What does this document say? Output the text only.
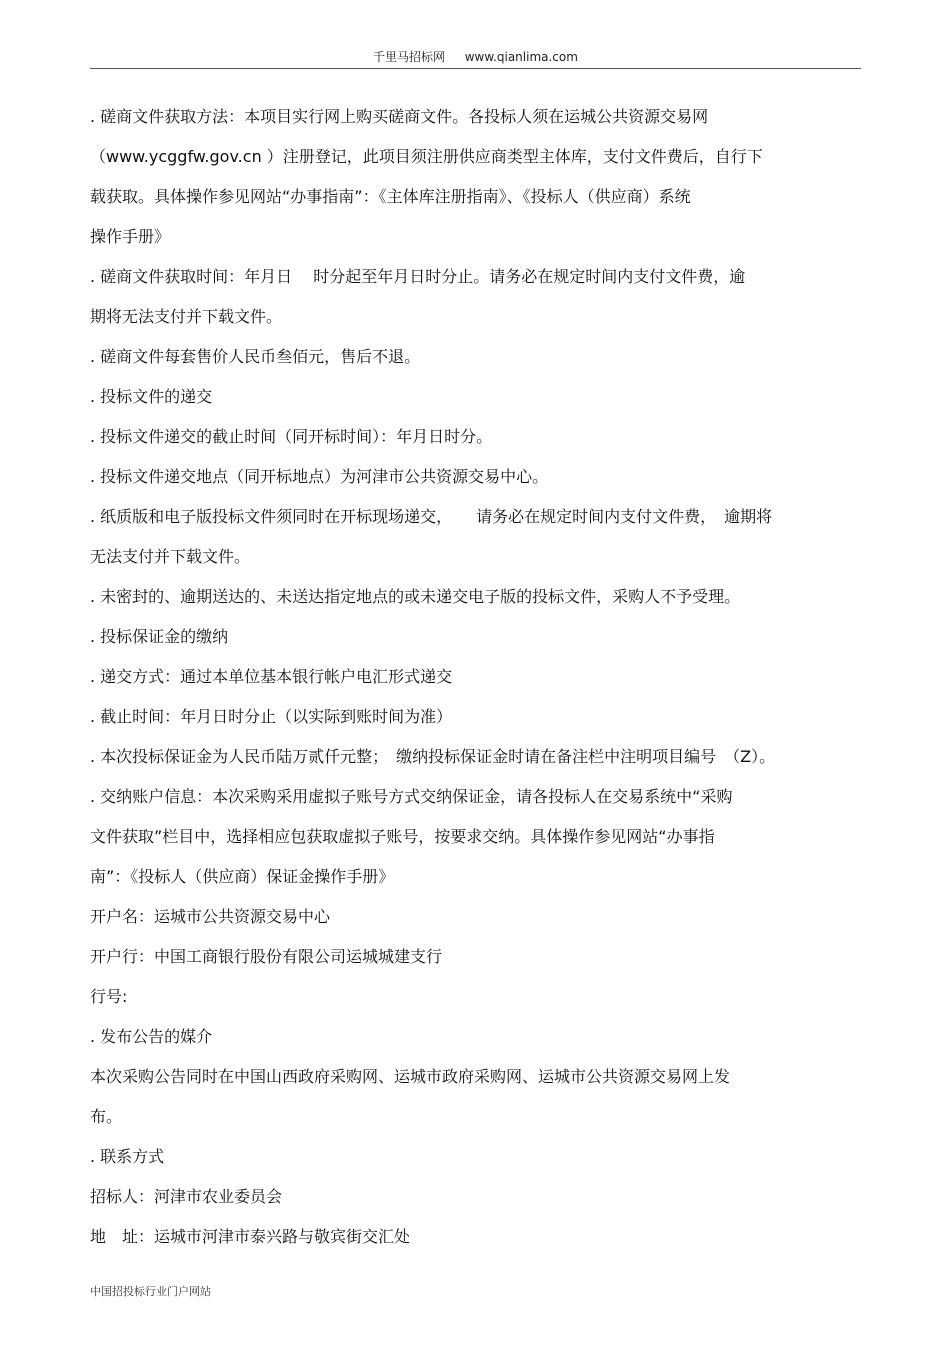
千里马招标网 www.qianlima.com
. 磋商文件获取方法：本项目实行网上购买磋商文件。各投标人须在运城公共资源交易网
（www.ycggfw.gov.cn ）注册登记，此项目须注册供应商类型主体库，支付文件费后，自行下
载获取。具体操作参见网站“办事指南”：《主体库注册指南》、《投标人（供应商）系统
操作手册》
. 磋商文件获取时间：年月日　 时分起至年月日时分止。请务必在规定时间内支付文件费，逾
期将无法支付并下载文件。
. 磋商文件每套售价人民币叁佰元，售后不退。
. 投标文件的递交
. 投标文件递交的截止时间（同开标时间）：年月日时分。
. 投标文件递交地点（同开标地点）为河津市公共资源交易中心。
. 纸质版和电子版投标文件须同时在开标现场递交，　　请务必在规定时间内支付文件费，　逾期将
无法支付并下载文件。
. 未密封的、逾期送达的、未送达指定地点的或未递交电子版的投标文件，采购人不予受理。
. 投标保证金的缴纳
. 递交方式：通过本单位基本银行帐户电汇形式递交
. 截止时间：年月日时分止（以实际到账时间为准）
. 本次投标保证金为人民币陆万贰仟元整；　缴纳投标保证金时请在备注栏中注明项目编号　（Z）。
. 交纳账户信息：本次采购采用虚拟子账号方式交纳保证金，请各投标人在交易系统中“采购
文件获取”栏目中，选择相应包获取虚拟子账号，按要求交纳。具体操作参见网站“办事指
南”：《投标人（供应商）保证金操作手册》
开户名：运城市公共资源交易中心
开户行：中国工商银行股份有限公司运城城建支行
行号:
. 发布公告的媒介
本次采购公告同时在中国山西政府采购网、运城市政府采购网、运城市公共资源交易网上发
布。
. 联系方式
招标人：河津市农业委员会
地　址：运城市河津市泰兴路与敬宾街交汇处
中国招投标行业门户网站
